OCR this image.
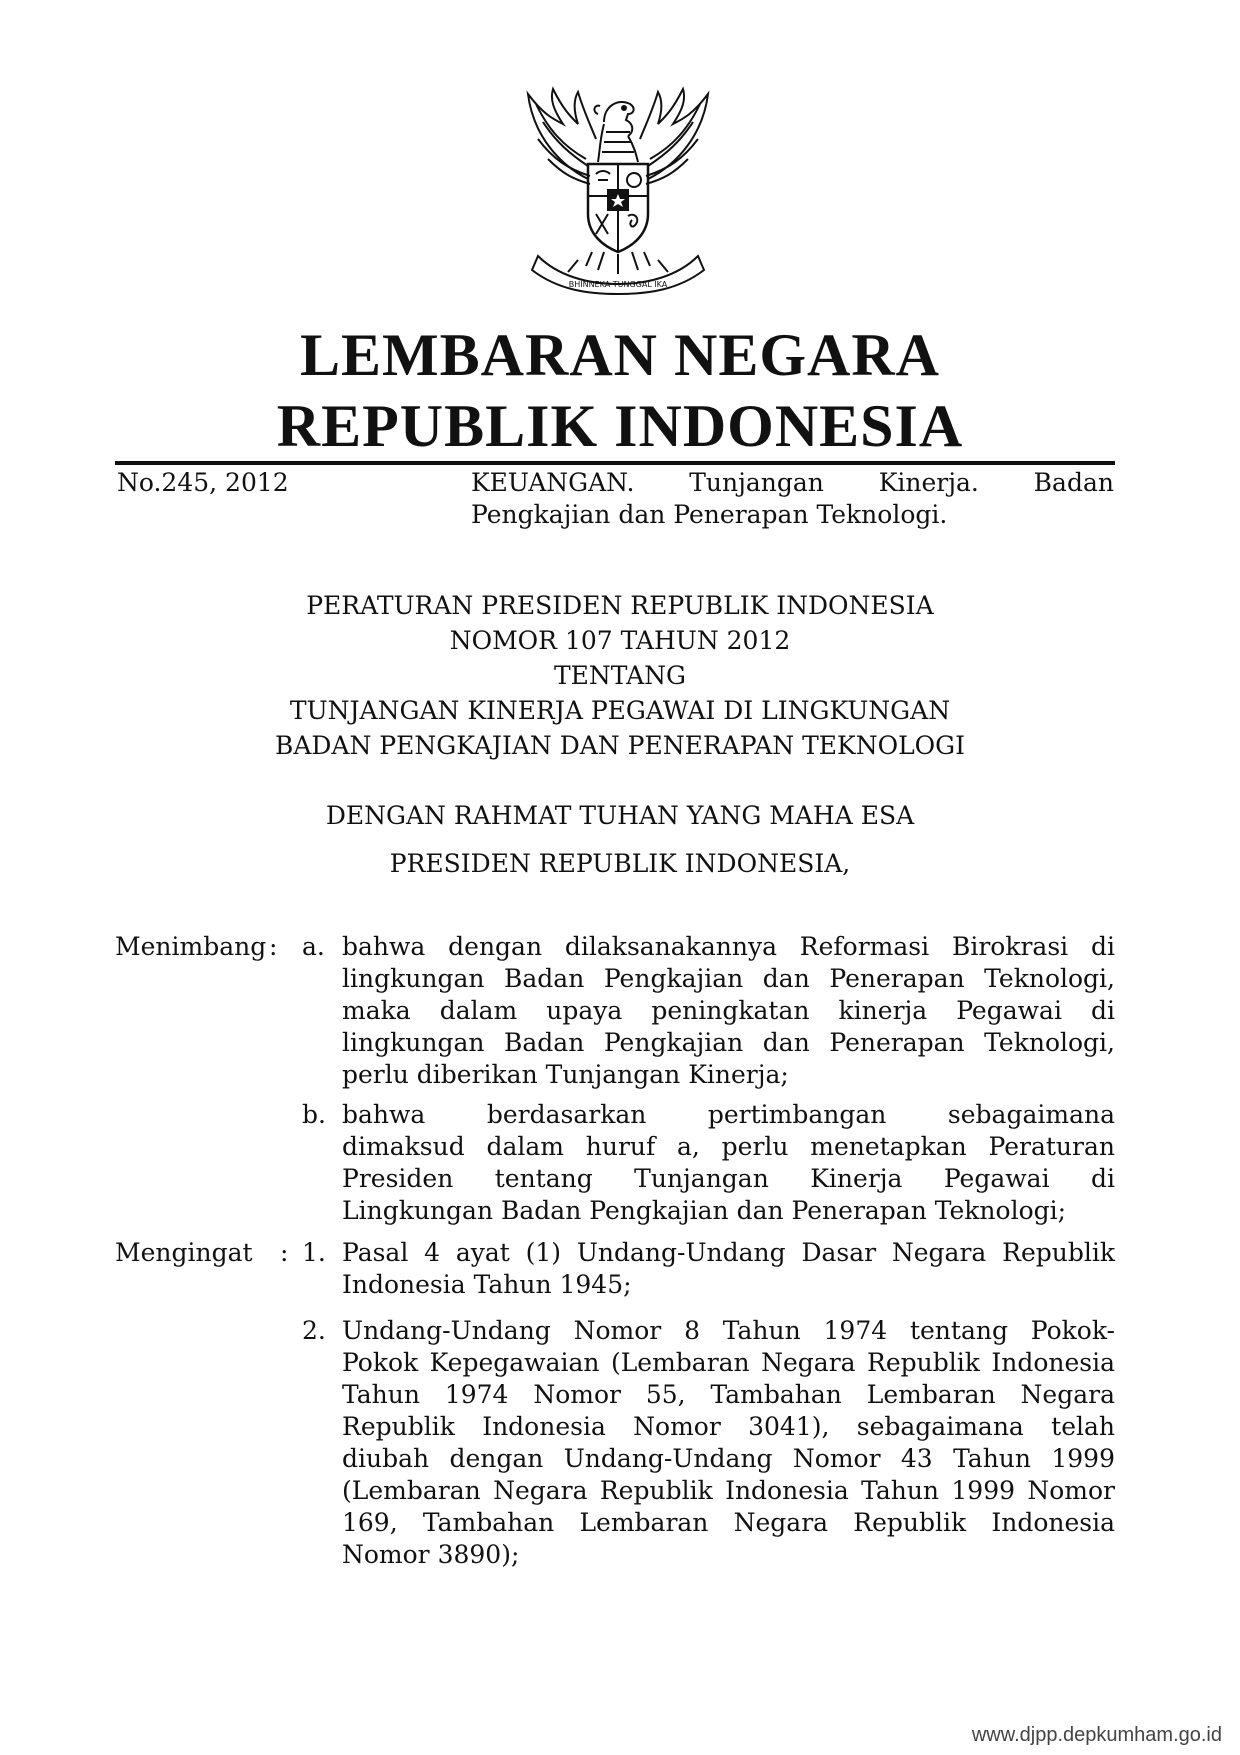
BHINNEKA TUNGGAL IKA
LEMBARAN NEGARA
REPUBLIK INDONESIA
No.245, 2012	KEUANGAN. Tunjangan Kinerja. Badan
Pengkajian dan Penerapan Teknologi.
PERATURAN PRESIDEN REPUBLIK INDONESIA
NOMOR 107 TAHUN 2012
TENTANG
TUNJANGAN KINERJA PEGAWAI DI LINGKUNGAN
BADAN PENGKAJIAN DAN PENERAPAN TEKNOLOGI
DENGAN RAHMAT TUHAN YANG MAHA ESA
PRESIDEN REPUBLIK INDONESIA,
Menimbang : a. bahwa dengan dilaksanakannya Reformasi Birokrasi di

lingkungan Badan Pengkajian dan Penerapan Teknologi,

maka dalam upaya peningkatan kinerja Pegawai di

lingkungan Badan Pengkajian dan Penerapan Teknologi,

perlu diberikan Tunjangan Kinerja;

b. bahwa berdasarkan pertimbangan sebagaimana

dimaksud dalam huruf a, perlu menetapkan Peraturan

Presiden tentang Tunjangan Kinerja Pegawai di

Lingkungan Badan Pengkajian dan Penerapan Teknologi;

Mengingat : 1. Pasal 4 ayat (1) Undang-Undang Dasar Negara Republik

Indonesia Tahun 1945;

2. Undang-Undang Nomor 8 Tahun 1974 tentang Pokok-

Pokok Kepegawaian (Lembaran Negara Republik Indonesia

Tahun 1974 Nomor 55, Tambahan Lembaran Negara

Republik Indonesia Nomor 3041), sebagaimana telah

diubah dengan Undang-Undang Nomor 43 Tahun 1999

(Lembaran Negara Republik Indonesia Tahun 1999 Nomor

169, Tambahan Lembaran Negara Republik Indonesia

Nomor 3890);

www.djpp.depkumham.go.id
